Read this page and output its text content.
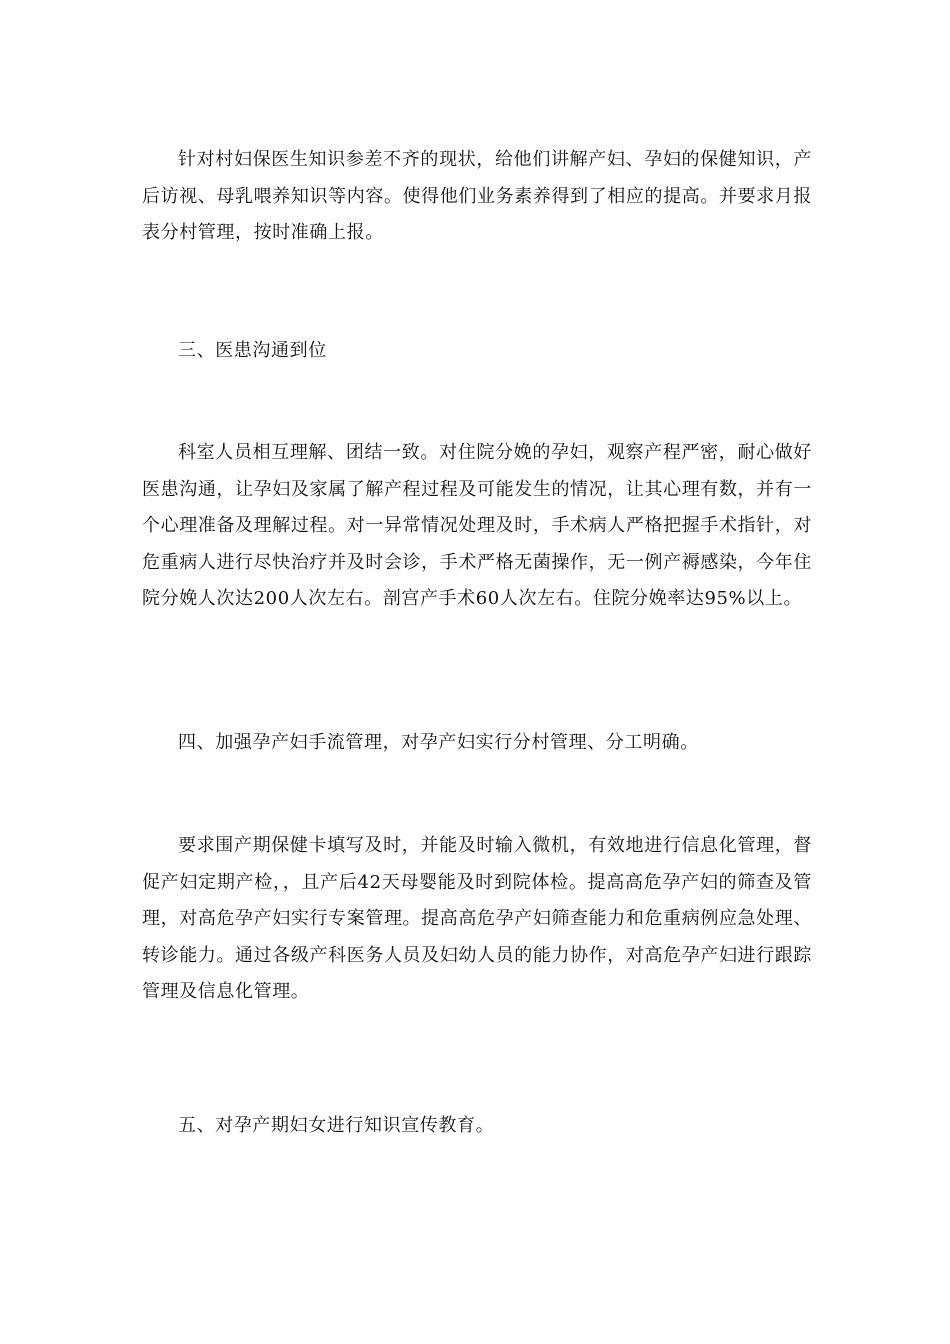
针对村妇保医生知识参差不齐的现状，给他们讲解产妇、孕妇的保健知识，产后访视、母乳喂养知识等内容。使得他们业务素养得到了相应的提高。并要求月报表分村管理，按时准确上报。

三、医患沟通到位

科室人员相互理解、团结一致。对住院分娩的孕妇，观察产程严密，耐心做好医患沟通，让孕妇及家属了解产程过程及可能发生的情况，让其心理有数，并有一个心理准备及理解过程。对一异常情况处理及时，手术病人严格把握手术指针，对危重病人进行尽快治疗并及时会诊，手术严格无菌操作，无一例产褥感染，今年住院分娩人次达200人次左右。剖宫产手术60人次左右。住院分娩率达95%以上。

四、加强孕产妇手流管理，对孕产妇实行分村管理、分工明确。

要求围产期保健卡填写及时，并能及时输入微机，有效地进行信息化管理，督促产妇定期产检，，且产后42天母婴能及时到院体检。提高高危孕产妇的筛查及管理，对高危孕产妇实行专案管理。提高高危孕产妇筛查能力和危重病例应急处理、转诊能力。通过各级产科医务人员及妇幼人员的能力协作，对高危孕产妇进行跟踪管理及信息化管理。

五、对孕产期妇女进行知识宣传教育。
